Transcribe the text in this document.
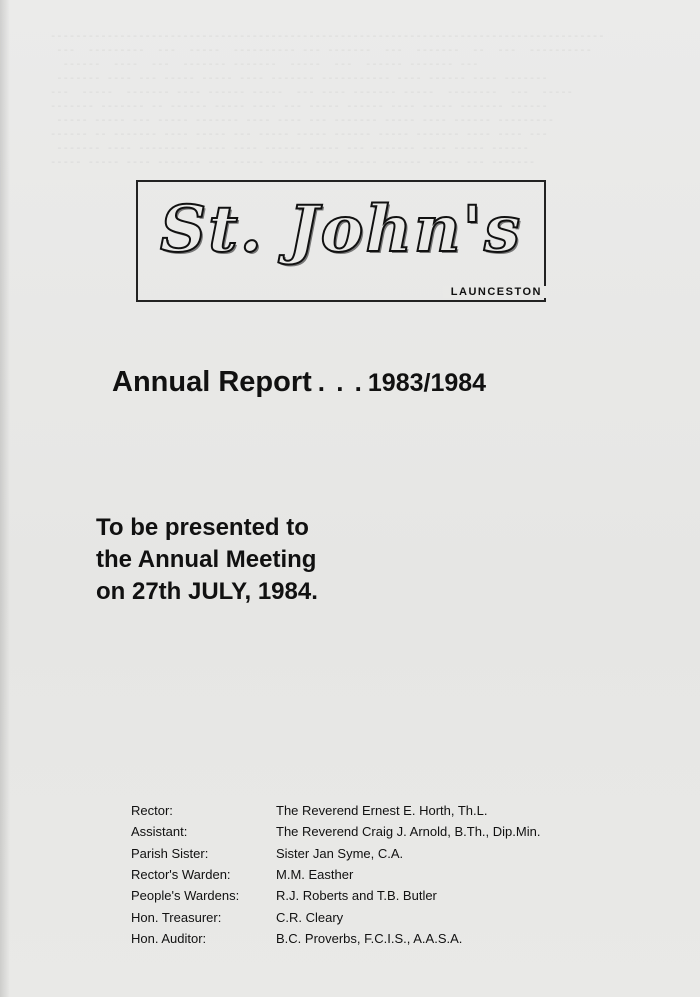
----------------------------------------------------------------------------------------
---  ---------  ---  -----  ---------- --- -------  ---  -------  --  ---  ----------
------  ----  ---  ------- -------  -----  ---  ------ ------- ---
------- ---- --- ----- ----- ---- ------- ----------- ---- ------ ---- -------
---  -----  ------- ---- ------ -----  --- ---- ------- -----  --------  ---  -----
------- ------- -- ------ ----- ---- --- ----- ------ ---- ----- ------- ------
----- ----- --- ----- ------- ---- ---- --- ------- ----- ---- ------ ---------
------ -- ------- ---- ----- --- ----- ----- ------ ----- ------- ---- ---- ---
------- ---- -------- ----- ---- ------ ----- --- ------- ---- ----- ------
----- ----- ---- ------- --- ----- ------ ---- ----- ------ ----- --- -------
St. John's
LAUNCESTON
Annual Report . . . 1983/1984
To be presented to
the Annual Meeting
on 27th JULY, 1984.
Rector:	The Reverend Ernest E. Horth, Th.L.
Assistant:	The Reverend Craig J. Arnold, B.Th., Dip.Min.
Parish Sister:	Sister Jan Syme, C.A.
Rector's Warden:	M.M. Easther
People's Wardens:	R.J. Roberts and T.B. Butler
Hon. Treasurer:	C.R. Cleary
Hon. Auditor:	B.C. Proverbs, F.C.I.S., A.A.S.A.
